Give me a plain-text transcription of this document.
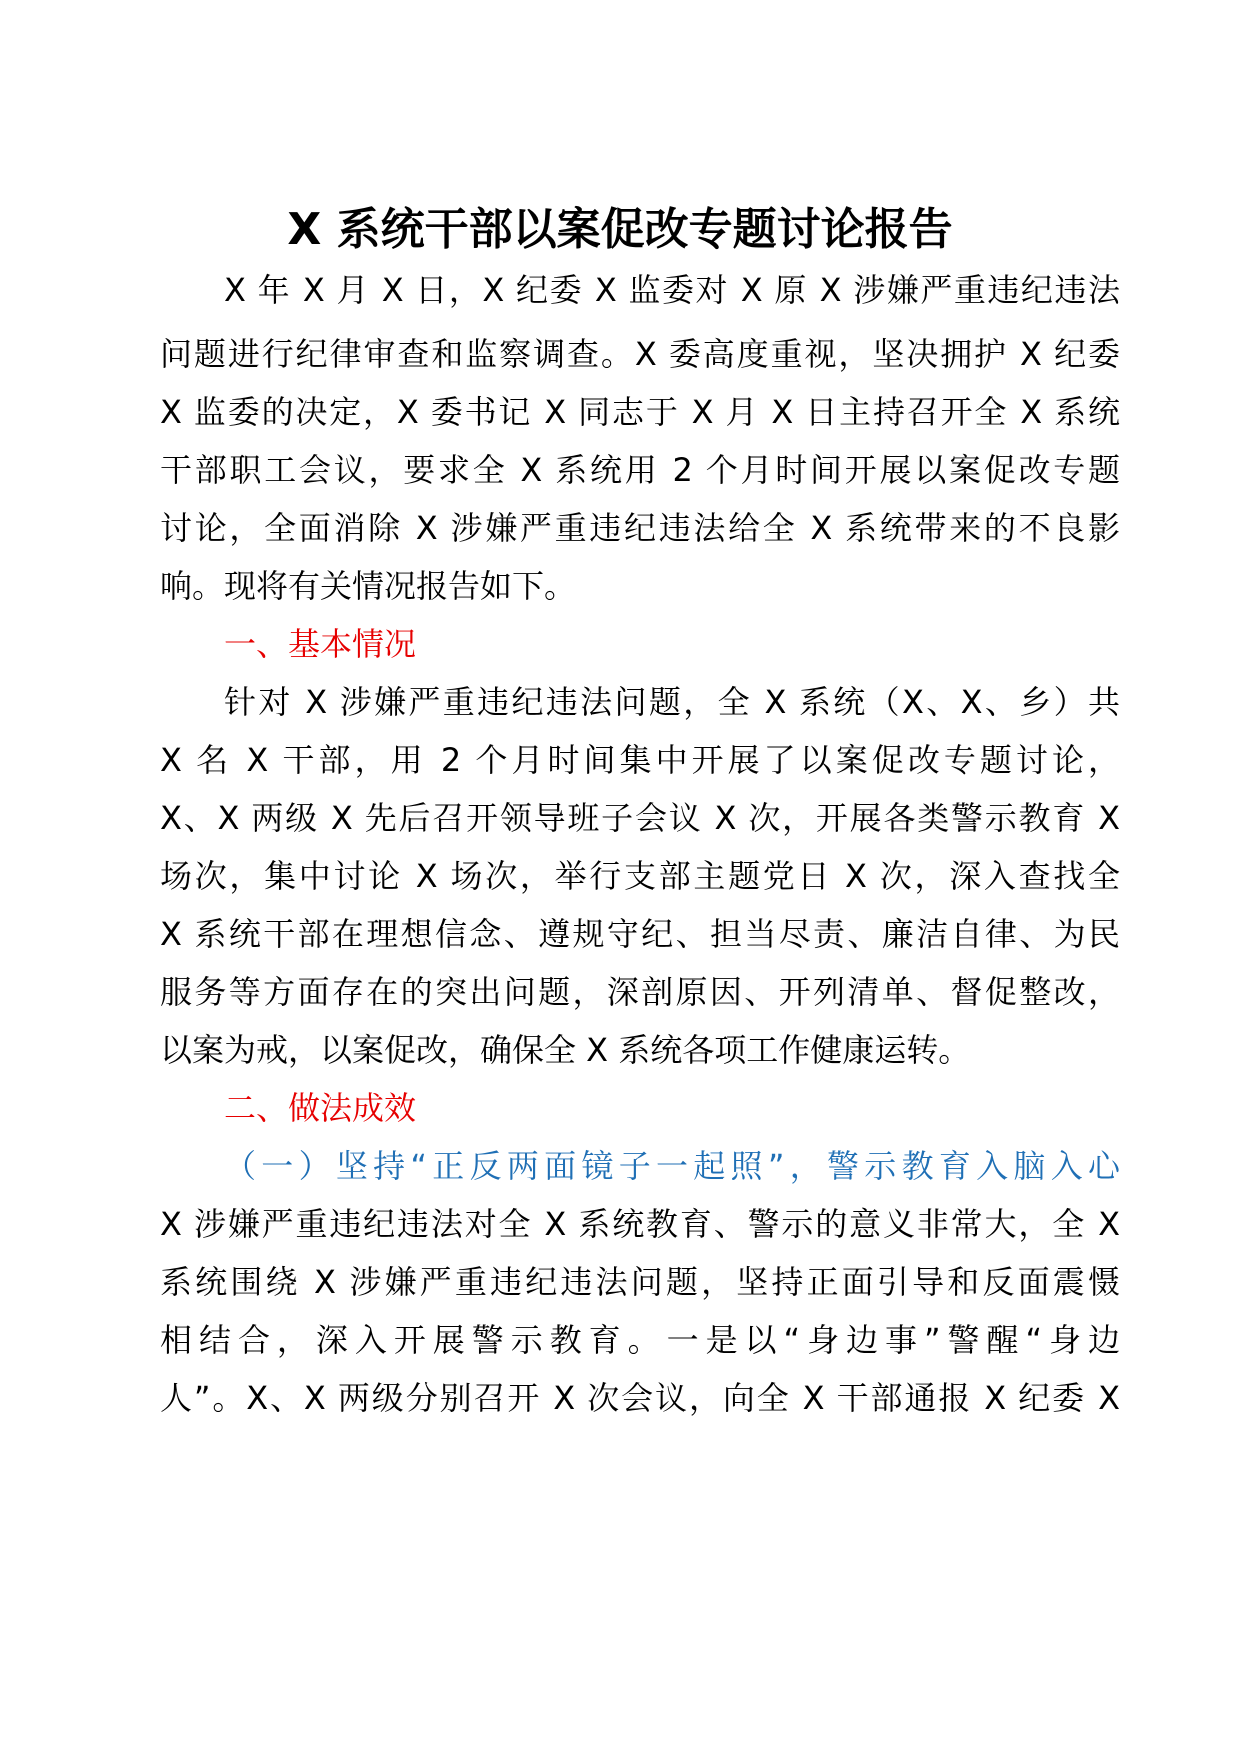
X 系统干部以案促改专题讨论报告
X 年 X 月 X 日，X 纪委 X 监委对 X 原 X 涉嫌严重违纪违法
问题进行纪律审查和监察调查。X 委高度重视，坚决拥护 X 纪委
X 监委的决定，X 委书记 X 同志于 X 月 X 日主持召开全 X 系统
干部职工会议，要求全 X 系统用 2 个月时间开展以案促改专题
讨论，全面消除 X 涉嫌严重违纪违法给全 X 系统带来的不良影
响。现将有关情况报告如下。
一、基本情况
针对 X 涉嫌严重违纪违法问题，全 X 系统（X、X、乡）共
X 名 X 干部，用 2 个月时间集中开展了以案促改专题讨论，
X、X 两级 X 先后召开领导班子会议 X 次，开展各类警示教育 X
场次，集中讨论 X 场次，举行支部主题党日 X 次，深入查找全
X 系统干部在理想信念、遵规守纪、担当尽责、廉洁自律、为民
服务等方面存在的突出问题，深剖原因、开列清单、督促整改，
以案为戒，以案促改，确保全 X 系统各项工作健康运转。
二、做法成效
（一）坚持“正反两面镜子一起照”，警示教育入脑入心
X 涉嫌严重违纪违法对全 X 系统教育、警示的意义非常大，全 X
系统围绕 X 涉嫌严重违纪违法问题，坚持正面引导和反面震慑
相结合，深入开展警示教育。一是以“身边事”警醒“身边
人”。X、X 两级分别召开 X 次会议，向全 X 干部通报 X 纪委 X
